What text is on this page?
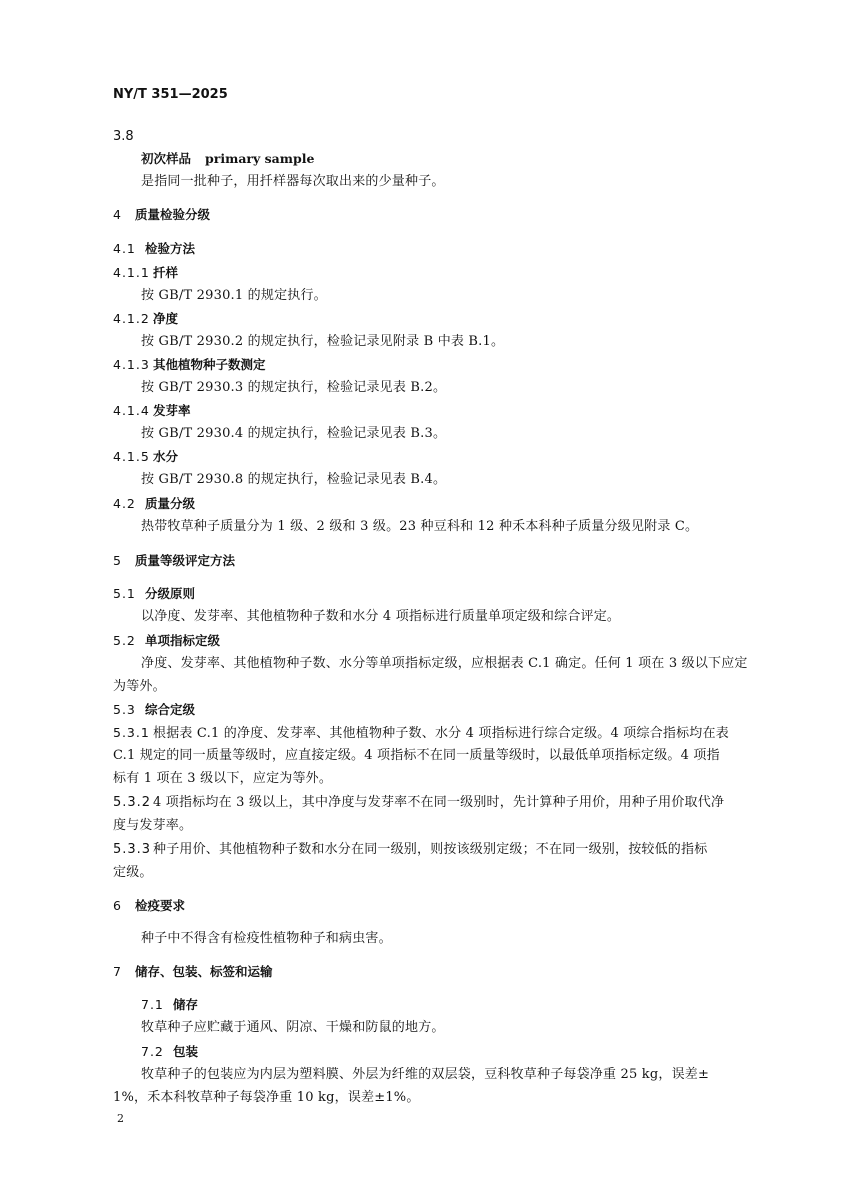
NY/T 351—2025
3.8
初次样品 primary sample
是指同一批种子，用扦样器每次取出来的少量种子。
4 质量检验分级
4.1 检验方法
4.1.1 扦样
按 GB/T 2930.1 的规定执行。
4.1.2 净度
按 GB/T 2930.2 的规定执行，检验记录见附录 B 中表 B.1。
4.1.3 其他植物种子数测定
按 GB/T 2930.3 的规定执行，检验记录见表 B.2。
4.1.4 发芽率
按 GB/T 2930.4 的规定执行，检验记录见表 B.3。
4.1.5 水分
按 GB/T 2930.8 的规定执行，检验记录见表 B.4。
4.2 质量分级
热带牧草种子质量分为 1 级、2 级和 3 级。23 种豆科和 12 种禾本科种子质量分级见附录 C。
5 质量等级评定方法
5.1 分级原则
以净度、发芽率、其他植物种子数和水分 4 项指标进行质量单项定级和综合评定。
5.2 单项指标定级
净度、发芽率、其他植物种子数、水分等单项指标定级，应根据表 C.1 确定。任何 1 项在 3 级以下应定
为等外。
5.3 综合定级
5.3.1 根据表 C.1 的净度、发芽率、其他植物种子数、水分 4 项指标进行综合定级。4 项综合指标均在表
C.1 规定的同一质量等级时，应直接定级。4 项指标不在同一质量等级时，以最低单项指标定级。4 项指
标有 1 项在 3 级以下，应定为等外。
5.3.2 4 项指标均在 3 级以上，其中净度与发芽率不在同一级别时，先计算种子用价，用种子用价取代净
度与发芽率。
5.3.3 种子用价、其他植物种子数和水分在同一级别，则按该级别定级；不在同一级别，按较低的指标
定级。
6 检疫要求
种子中不得含有检疫性植物种子和病虫害。
7 储存、包装、标签和运输
7.1 储存
牧草种子应贮藏于通风、阴凉、干燥和防鼠的地方。
7.2 包装
牧草种子的包装应为内层为塑料膜、外层为纤维的双层袋，豆科牧草种子每袋净重 25 kg，误差±
1%，禾本科牧草种子每袋净重 10 kg，误差±1%。
2
